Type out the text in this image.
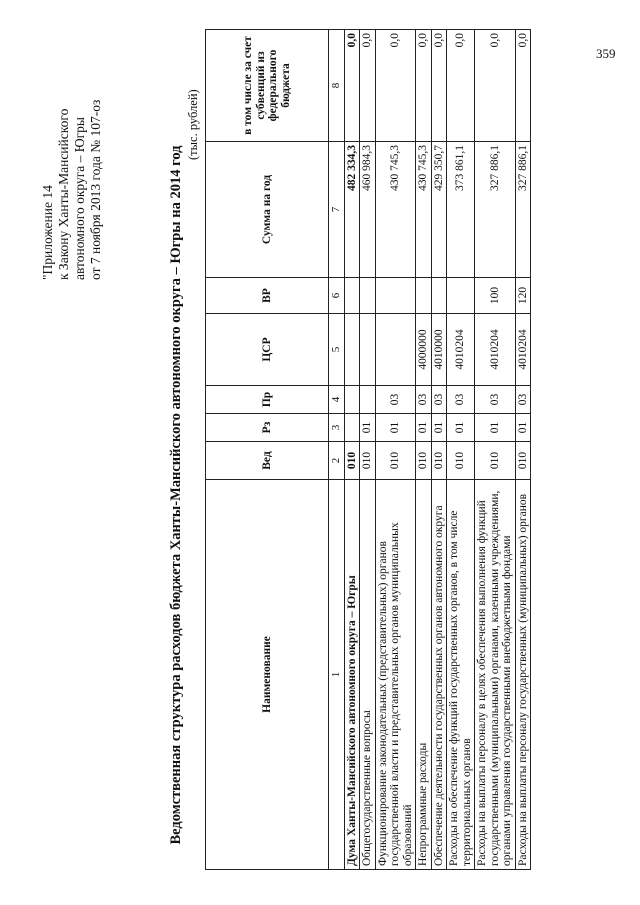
359
"Приложение 14 к Закону Ханты-Мансийского автономного округа – Югры от 7 ноября 2013 года № 107-оз	Ведомственная структура расходов бюджета Ханты-Мансийского автономного округа – Югры на 2014 год
(тыс. рублей)
Наименование	Вед	Рз	Пр	ЦСР	ВР	Сумма на год	в том числе за счет субвенций из федерального бюджета
1	2	3	4	5	6	7	8
Дума Ханты-Мансийского автономного округа – Югры	010					482 334,3	0,0
Общегосударственные вопросы	010	01				460 984,3	0,0
Функционирование законодательных (представительных) органов государственной власти и представительных органов муниципальных образований	010	01	03			430 745,3	0,0
Непрограммные расходы	010	01	03	4000000		430 745,3	0,0
Обеспечение деятельности государственных органов автономного округа	010	01	03	4010000		429 350,7	0,0
Расходы на обеспечение функций государственных органов, в том числе территориальных органов	010	01	03	4010204		373 861,1	0,0
Расходы на выплаты персоналу в целях обеспечения выполнения функций государственными (муниципальными) органами, казенными учреждениями, органами управления государственными внебюджетными фондами	010	01	03	4010204	100	327 886,1	0,0
Расходы на выплаты персоналу государственных (муниципальных) органов	010	01	03	4010204	120	327 886,1	0,0
